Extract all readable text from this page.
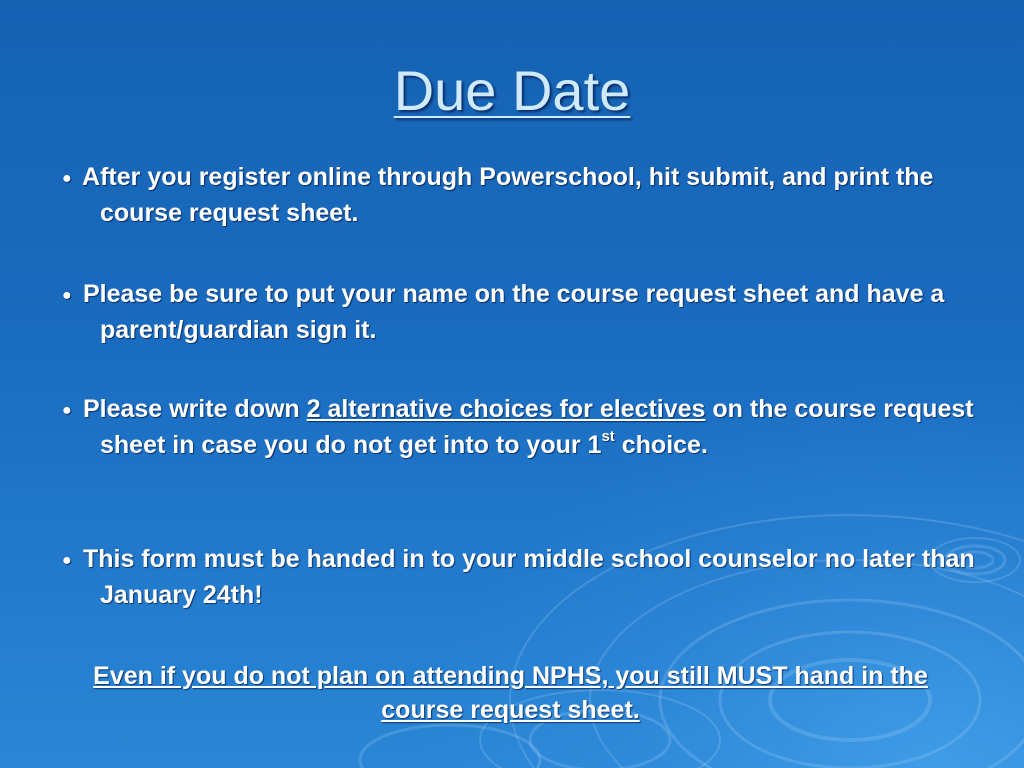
Due Date

● After you register online through Powerschool, hit submit, and print the course request sheet.

● Please be sure to put your name on the course request sheet and have a parent/guardian sign it.

● Please write down 2 alternative choices for electives on the course request sheet in case you do not get into to your 1st choice.

● This form must be handed in to your middle school counselor no later than January 24th!

Even if you do not plan on attending NPHS, you still MUST hand in the course request sheet.
